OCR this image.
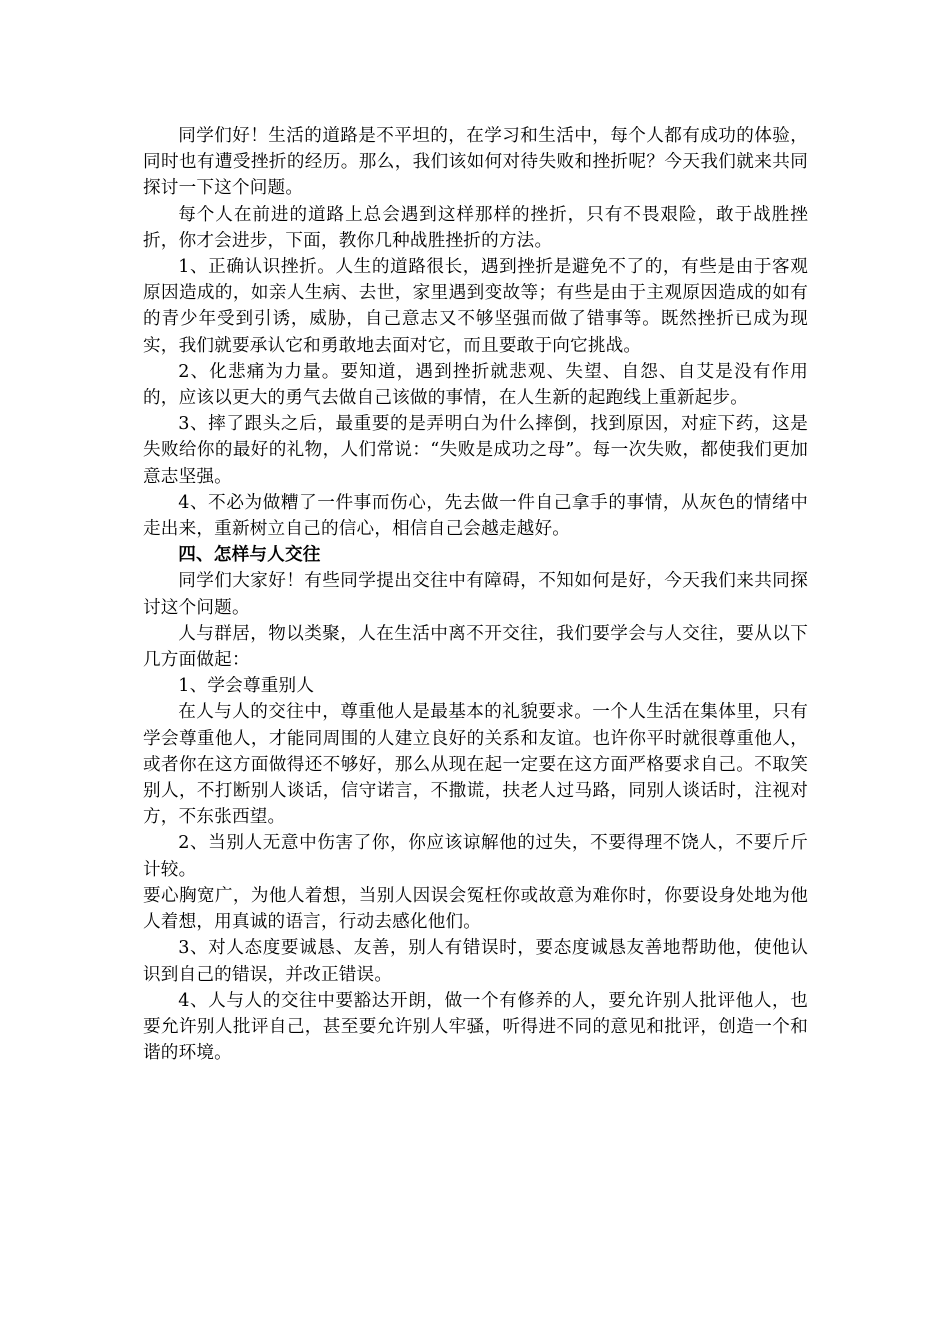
同学们好！生活的道路是不平坦的，在学习和生活中，每个人都有成功的体验，同时也有遭受挫折的经历。那么，我们该如何对待失败和挫折呢？今天我们就来共同探讨一下这个问题。

每个人在前进的道路上总会遇到这样那样的挫折，只有不畏艰险，敢于战胜挫折，你才会进步，下面，教你几种战胜挫折的方法。

1、正确认识挫折。人生的道路很长，遇到挫折是避免不了的，有些是由于客观原因造成的，如亲人生病、去世，家里遇到变故等；有些是由于主观原因造成的如有的青少年受到引诱，威胁，自己意志又不够坚强而做了错事等。既然挫折已成为现实，我们就要承认它和勇敢地去面对它，而且要敢于向它挑战。

2、化悲痛为力量。要知道，遇到挫折就悲观、失望、自怨、自艾是没有作用的，应该以更大的勇气去做自己该做的事情，在人生新的起跑线上重新起步。

3、摔了跟头之后，最重要的是弄明白为什么摔倒，找到原因，对症下药，这是失败给你的最好的礼物，人们常说：“失败是成功之母”。每一次失败，都使我们更加意志坚强。

4、不必为做糟了一件事而伤心，先去做一件自己拿手的事情，从灰色的情绪中走出来，重新树立自己的信心，相信自己会越走越好。

四、怎样与人交往

同学们大家好！有些同学提出交往中有障碍，不知如何是好，今天我们来共同探讨这个问题。

人与群居，物以类聚，人在生活中离不开交往，我们要学会与人交往，要从以下几方面做起：

1、学会尊重别人

在人与人的交往中，尊重他人是最基本的礼貌要求。一个人生活在集体里，只有学会尊重他人，才能同周围的人建立良好的关系和友谊。也许你平时就很尊重他人，或者你在这方面做得还不够好，那么从现在起一定要在这方面严格要求自己。不取笑别人，不打断别人谈话，信守诺言，不撒谎，扶老人过马路，同别人谈话时，注视对方，不东张西望。

2、当别人无意中伤害了你，你应该谅解他的过失，不要得理不饶人，不要斤斤计较。

要心胸宽广，为他人着想，当别人因误会冤枉你或故意为难你时，你要设身处地为他人着想，用真诚的语言，行动去感化他们。

3、对人态度要诚恳、友善，别人有错误时，要态度诚恳友善地帮助他，使他认识到自己的错误，并改正错误。

4、人与人的交往中要豁达开朗，做一个有修养的人，要允许别人批评他人，也要允许别人批评自己，甚至要允许别人牢骚，听得进不同的意见和批评，创造一个和谐的环境。
